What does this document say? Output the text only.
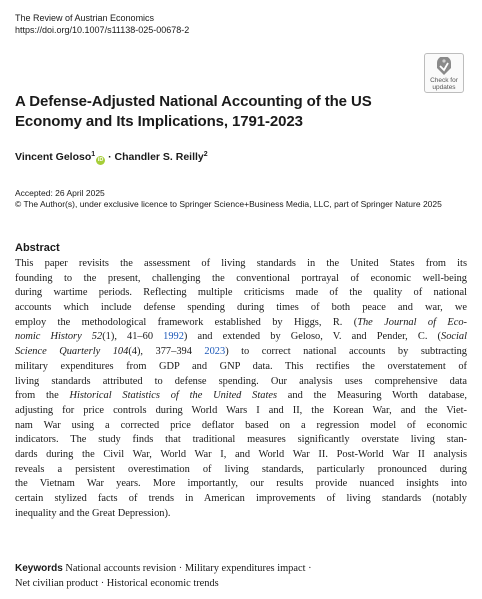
The Review of Austrian Economics
https://doi.org/10.1007/s11138-025-00678-2
Check for
updates
A Defense-Adjusted National Accounting of the US
Economy and Its Implications, 1791-2023
Vincent Geloso$^1$iD · Chandler S. Reilly$^2$
Accepted: 26 April 2025
© The Author(s), under exclusive licence to Springer Science+Business Media, LLC, part of Springer Nature 2025
Abstract
This paper revisits the assessment of living standards in the United States from its
founding to the present, challenging the conventional portrayal of economic well-being
during wartime periods. Reflecting multiple criticisms made of the quality of national
accounts which include defense spending during times of both peace and war, we
employ the methodological framework established by Higgs, R. (The Journal of Eco-
nomic History 52(1), 41–60 1992) and extended by Geloso, V. and Pender, C. (Social
Science Quarterly 104(4), 377–394 2023) to correct national accounts by subtracting
military expenditures from GDP and GNP data. This rectifies the overstatement of
living standards attributed to defense spending. Our analysis uses comprehensive data
from the Historical Statistics of the United States and the Measuring Worth database,
adjusting for price controls during World Wars I and II, the Korean War, and the Viet-
nam War using a corrected price deflator based on a regression model of economic
indicators. The study finds that traditional measures significantly overstate living stan-
dards during the Civil War, World War I, and World War II. Post-World War II analysis
reveals a persistent overestimation of living standards, particularly pronounced during
the Vietnam War years. More importantly, our results provide nuanced insights into
certain stylized facts of trends in American improvements of living standards (notably
inequality and the Great Depression).
Keywords National accounts revision · Military expenditures impact ·
Net civilian product · Historical economic trends
